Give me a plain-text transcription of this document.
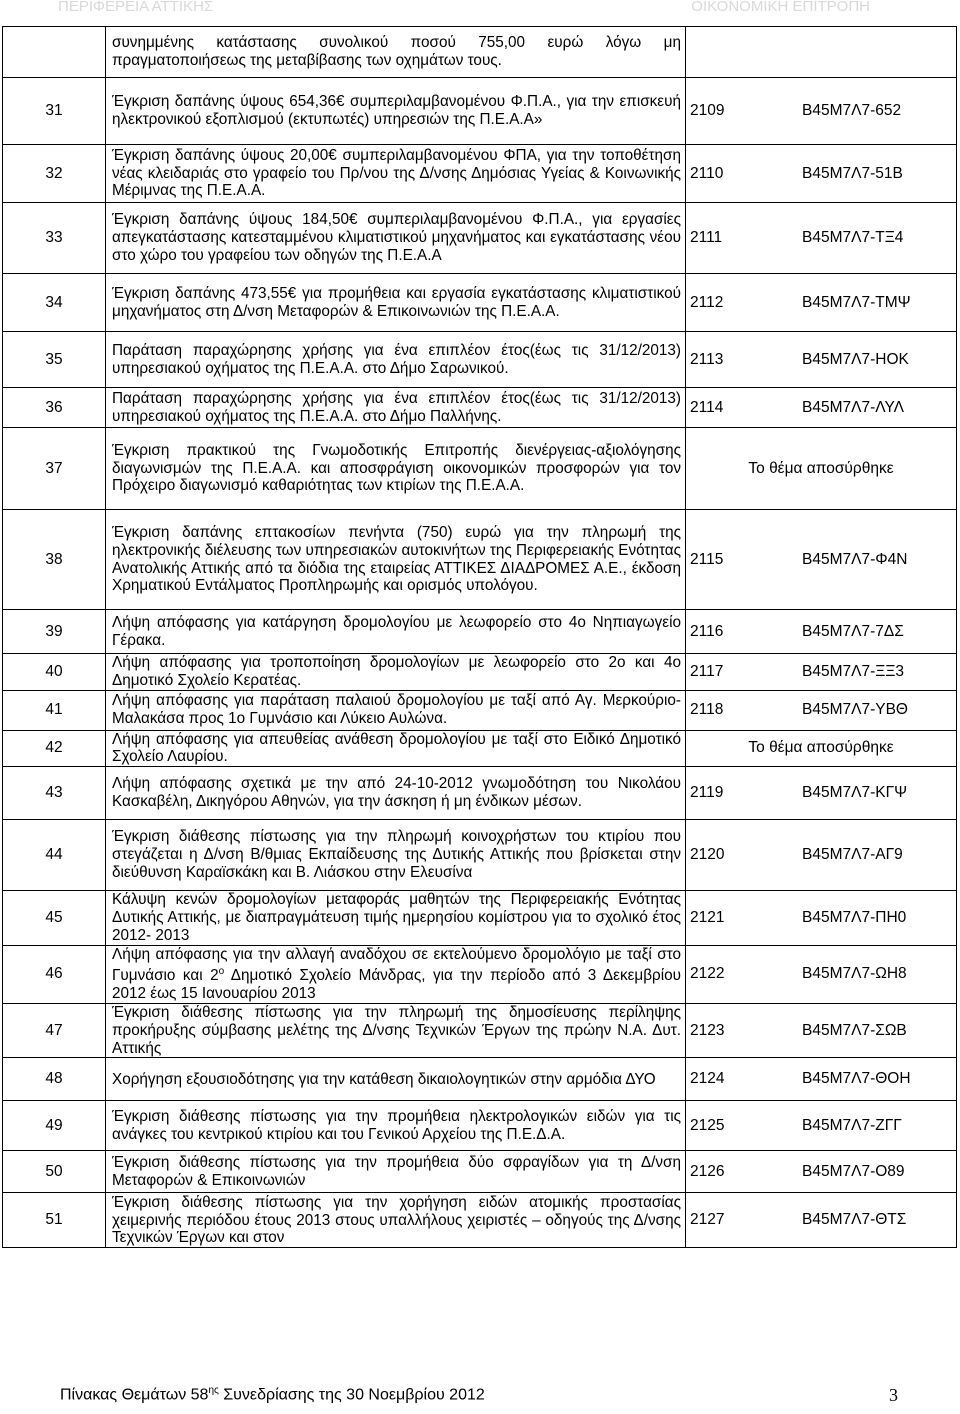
ΠΕΡΙΦΕΡΕΙΑ ΑΤΤΙΚΗΣ	ΟΙΚΟΝΟΜΙΚΗ ΕΠΙΤΡΟΠΗ
	συνημμένης κατάστασης συνολικού ποσού 755,00 ευρώ λόγω μη πραγματοποιήσεως της μεταβίβασης των οχημάτων τους.	
31	Έγκριση δαπάνης ύψους 654,36€ συμπεριλαμβανομένου Φ.Π.Α., για την επισκευή ηλεκτρονικού εξοπλισμού (εκτυπωτές) υπηρεσιών της Π.Ε.Α.Α»	2109 Β45Μ7Λ7-652
32	Έγκριση δαπάνης ύψους 20,00€ συμπεριλαμβανομένου ΦΠΑ, για την τοποθέτηση νέας κλειδαριάς στο γραφείο του Πρ/νου της Δ/νσης Δημόσιας Υγείας & Κοινωνικής Μέριμνας της Π.Ε.Α.Α.	2110 Β45Μ7Λ7-51Β
33	Έγκριση δαπάνης ύψους 184,50€ συμπεριλαμβανομένου Φ.Π.Α., για εργασίες απεγκατάστασης κατεσταμμένου κλιματιστικού μηχανήματος και εγκατάστασης νέου στο χώρο του γραφείου των οδηγών της Π.Ε.Α.Α	2111 Β45Μ7Λ7-ΤΞ4
34	Έγκριση δαπάνης 473,55€ για προμήθεια και εργασία εγκατάστασης κλιματιστικού μηχανήματος στη Δ/νση Μεταφορών & Επικοινωνιών της Π.Ε.Α.Α.	2112 Β45Μ7Λ7-ΤΜΨ
35	Παράταση παραχώρησης χρήσης για ένα επιπλέον έτος(έως τις 31/12/2013) υπηρεσιακού οχήματος της Π.Ε.Α.Α. στο Δήμο Σαρωνικού.	2113 Β45Μ7Λ7-ΗΟΚ
36	Παράταση παραχώρησης χρήσης για ένα επιπλέον έτος(έως τις 31/12/2013) υπηρεσιακού οχήματος της Π.Ε.Α.Α. στο Δήμο Παλλήνης.	2114 Β45Μ7Λ7-ΛΥΛ
37	Έγκριση πρακτικού της Γνωμοδοτικής Επιτροπής διενέργειας-αξιολόγησης διαγωνισμών της Π.Ε.Α.Α. και αποσφράγιση οικονομικών προσφορών για τον Πρόχειρο διαγωνισμό καθαριότητας των κτιρίων της Π.Ε.Α.Α.	Το θέμα αποσύρθηκε
38	Έγκριση δαπάνης επτακοσίων πενήντα (750) ευρώ για την πληρωμή της ηλεκτρονικής διέλευσης των υπηρεσιακών αυτοκινήτων της Περιφερειακής Ενότητας Ανατολικής Αττικής από τα διόδια της εταιρείας ΑΤΤΙΚΕΣ ΔΙΑΔΡΟΜΕΣ Α.Ε., έκδοση Χρηματικού Εντάλματος Προπληρωμής και ορισμός υπολόγου.	2115 Β45Μ7Λ7-Φ4Ν
39	Λήψη απόφασης για κατάργηση δρομολογίου με λεωφορείο στο 4ο Νηπιαγωγείο Γέρακα.	2116 Β45Μ7Λ7-7ΔΣ
40	Λήψη απόφασης για τροποποίηση δρομολογίων με λεωφορείο στο 2ο και 4ο Δημοτικό Σχολείο Κερατέας.	2117 Β45Μ7Λ7-ΞΞ3
41	Λήψη απόφασης για παράταση παλαιού δρομολογίου με ταξί από Αγ. Μερκούριο- Μαλακάσα προς 1ο Γυμνάσιο και Λύκειο Αυλώνα.	2118 Β45Μ7Λ7-ΥΒΘ
42	Λήψη απόφασης για απευθείας ανάθεση δρομολογίου με ταξί στο Ειδικό Δημοτικό Σχολείο Λαυρίου.	Το θέμα αποσύρθηκε
43	Λήψη απόφασης σχετικά με την από 24-10-2012 γνωμοδότηση του Νικολάου Κασκαβέλη, Δικηγόρου Αθηνών, για την άσκηση ή μη ένδικων μέσων.	2119 Β45Μ7Λ7-ΚΓΨ
44	Έγκριση διάθεσης πίστωσης για την πληρωμή κοινοχρήστων του κτιρίου που στεγάζεται η Δ/νση Β/θμιας Εκπαίδευσης της Δυτικής Αττικής που βρίσκεται στην διεύθυνση Καραϊσκάκη και Β. Λιάσκου στην Ελευσίνα	2120 Β45Μ7Λ7-ΑΓ9
45	Κάλυψη κενών δρομολογίων μεταφοράς μαθητών της Περιφερειακής Ενότητας Δυτικής Αττικής, με διαπραγμάτευση τιμής ημερησίου κομίστρου για το σχολικό έτος 2012- 2013	2121 Β45Μ7Λ7-ΠΗ0
46	Λήψη απόφασης για την αλλαγή αναδόχου σε εκτελούμενο δρομολόγιο με ταξί στο Γυμνάσιο και $2^o$ Δημοτικό Σχολείο Μάνδρας, για την περίοδο από 3 Δεκεμβρίου 2012 έως 15 Ιανουαρίου 2013	2122 Β45Μ7Λ7-ΩΗ8
47	Έγκριση διάθεσης πίστωσης για την πληρωμή της δημοσίευσης περίληψης προκήρυξης σύμβασης μελέτης της Δ/νσης Τεχνικών Έργων της πρώην Ν.Α. Δυτ. Αττικής	2123 Β45Μ7Λ7-ΣΩΒ
48	Χορήγηση εξουσιοδότησης για την κατάθεση δικαιολογητικών στην αρμόδια ΔΥΟ	2124 Β45Μ7Λ7-ΘΟΗ
49	Έγκριση διάθεσης πίστωσης για την προμήθεια ηλεκτρολογικών ειδών για τις ανάγκες του κεντρικού κτιρίου και του Γενικού Αρχείου της Π.Ε.Δ.Α.	2125 Β45Μ7Λ7-ΖΓΓ
50	Έγκριση διάθεσης πίστωσης για την προμήθεια δύο σφραγίδων για τη Δ/νση Μεταφορών & Επικοινωνιών	2126 Β45Μ7Λ7-Ο89
51	Έγκριση διάθεσης πίστωσης για την χορήγηση ειδών ατομικής προστασίας χειμερινής περιόδου έτους 2013 στους υπαλλήλους χειριστές – οδηγούς της Δ/νσης Τεχνικών Έργων και στον	2127 Β45Μ7Λ7-ΘΤΣ
Πίνακας Θεμάτων $58^{\eta\varsigma}$ Συνεδρίασης της 30 Νοεμβρίου 2012	3
